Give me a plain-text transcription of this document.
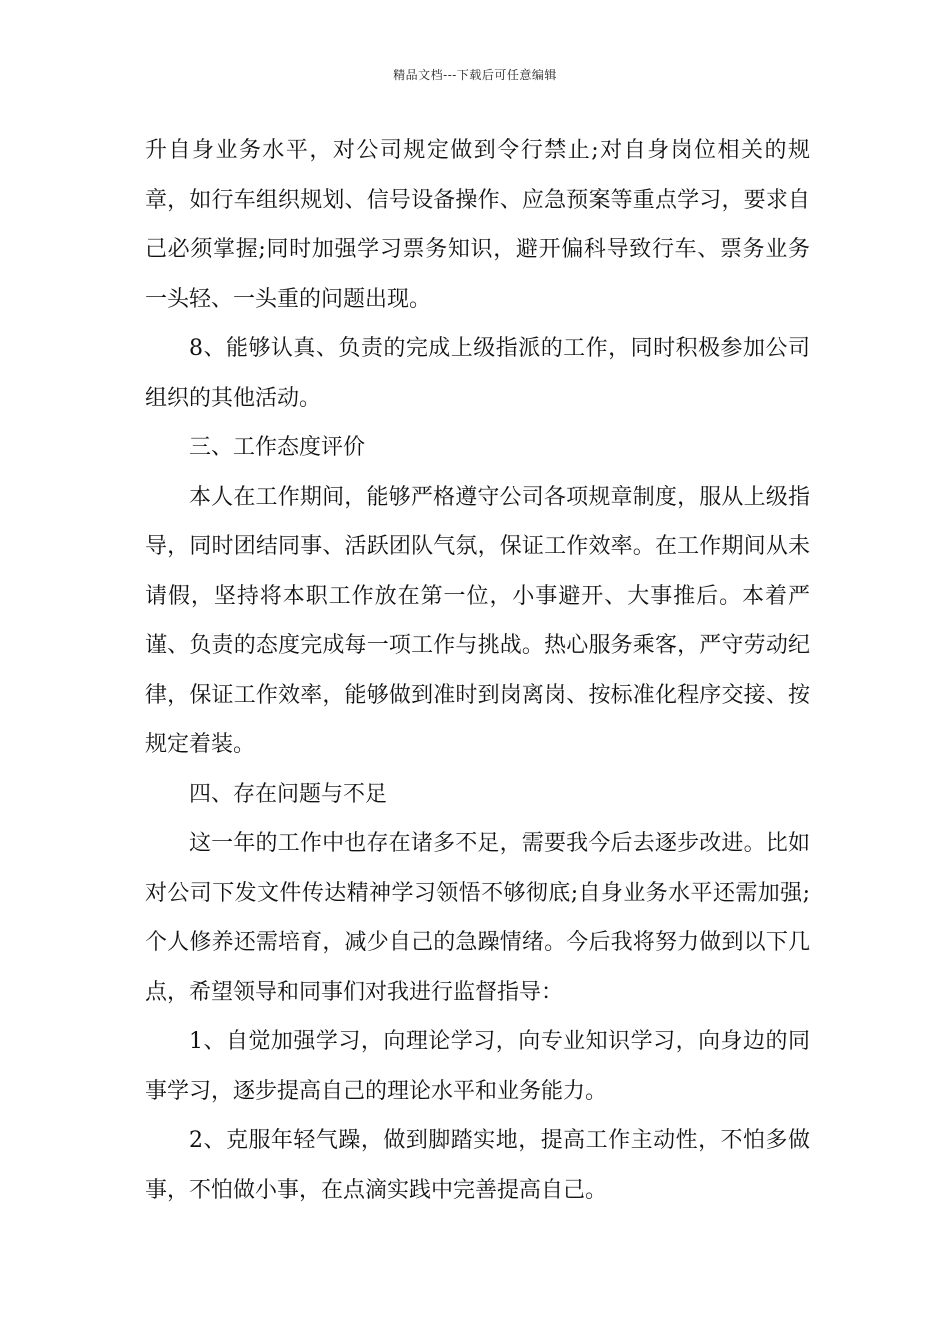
精品文档---下载后可任意编辑

升自身业务水平，对公司规定做到令行禁止;对自身岗位相关的规章，如行车组织规划、信号设备操作、应急预案等重点学习，要求自己必须掌握;同时加强学习票务知识，避开偏科导致行车、票务业务一头轻、一头重的问题出现。

8、能够认真、负责的完成上级指派的工作，同时积极参加公司组织的其他活动。

三、工作态度评价

本人在工作期间，能够严格遵守公司各项规章制度，服从上级指导，同时团结同事、活跃团队气氛，保证工作效率。在工作期间从未请假，坚持将本职工作放在第一位，小事避开、大事推后。本着严谨、负责的态度完成每一项工作与挑战。热心服务乘客，严守劳动纪律，保证工作效率，能够做到准时到岗离岗、按标准化程序交接、按规定着装。

四、存在问题与不足

这一年的工作中也存在诸多不足，需要我今后去逐步改进。比如对公司下发文件传达精神学习领悟不够彻底;自身业务水平还需加强;个人修养还需培育，减少自己的急躁情绪。今后我将努力做到以下几点，希望领导和同事们对我进行监督指导：

1、自觉加强学习，向理论学习，向专业知识学习，向身边的同事学习，逐步提高自己的理论水平和业务能力。

2、克服年轻气躁，做到脚踏实地，提高工作主动性，不怕多做事，不怕做小事，在点滴实践中完善提高自己。
